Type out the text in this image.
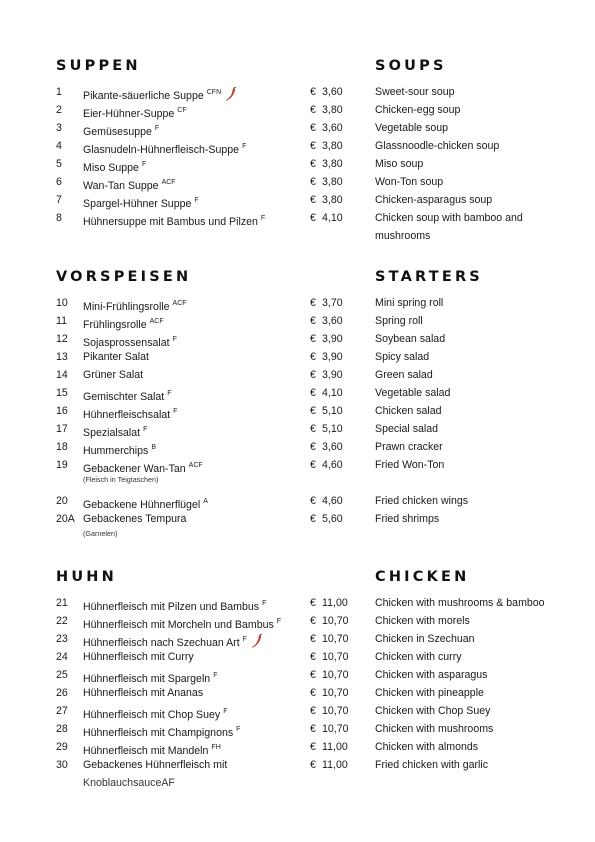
SUPPEN	SOUPS
1 Pikante-säuerliche Suppe $^{CFN}$	€ 3,60	Sweet-sour soup
2 Eier-Hühner-Suppe $^{CF}$	€ 3,80	Chicken-egg soup
3 Gemüsesuppe $^F$	€ 3,60	Vegetable soup
4 Glasnudeln-Hühnerfleisch-Suppe $^F$	€ 3,80	Glassnoodle-chicken soup
5 Miso Suppe $^F$	€ 3,80	Miso soup
6 Wan-Tan Suppe $^{ACF}$	€ 3,80	Won-Ton soup
7 Spargel-Hühner Suppe $^F$	€ 3,80	Chicken-asparagus soup
8 Hühnersuppe mit Bambus und Pilzen $^F$	€ 4,10	Chicken soup with bamboo and
mushrooms
VORSPEISEN	STARTERS
10 Mini-Frühlingsrolle $^{ACF}$	€ 3,70	Mini spring roll
11 Frühlingsrolle $^{ACF}$	€ 3,60	Spring roll
12 Sojasprossensalat $^F$	€ 3,90	Soybean salad
13 Pikanter Salat	€ 3,90	Spicy salad
14 Grüner Salat	€ 3,90	Green salad
15 Gemischter Salat $^F$	€ 4,10	Vegetable salad
16 Hühnerfleischsalat $^F$	€ 5,10	Chicken salad
17 Spezialsalat $^F$	€ 5,10	Special salad
18 Hummerchips $^B$	€ 3,60	Prawn cracker
19 Gebackener Wan-Tan $^{ACF}$
(Fleisch in Teigtaschen)
€ 4,60	Fried Won-Ton
20 Gebackene Hühnerflügel $^A$	€ 4,60	Fried chicken wings
20A Gebackenes Tempura
(Garnelen)
€ 5,60	Fried shrimps
HUHN	CHICKEN
21 Hühnerfleisch mit Pilzen und Bambus $^F$	€ 11,00	Chicken with mushrooms & bamboo
22 Hühnerfleisch mit Morcheln und Bambus $^F$	€ 10,70 Chicken with morels
23 Hühnerfleisch nach Szechuan Art $^F$	€ 10,70 Chicken in Szechuan
24 Hühnerfleisch mit Curry	€ 10,70 Chicken with curry
25 Hühnerfleisch mit Spargeln $^F$	€ 10,70 Chicken with asparagus
26 Hühnerfleisch mit Ananas	€ 10,70 Chicken with pineapple
27 Hühnerfleisch mit Chop Suey $^F$	€ 10,70 Chicken with Chop Suey
28 Hühnerfleisch mit Champignons $^F$	€ 10,70 Chicken with mushrooms
29 Hühnerfleisch mit Mandeln $^{FH}$	€ 11,00	Chicken with almonds
30 Gebackenes Hühnerfleisch mit
KnoblauchsauceAF
€ 11,00	Fried chicken with garlic
